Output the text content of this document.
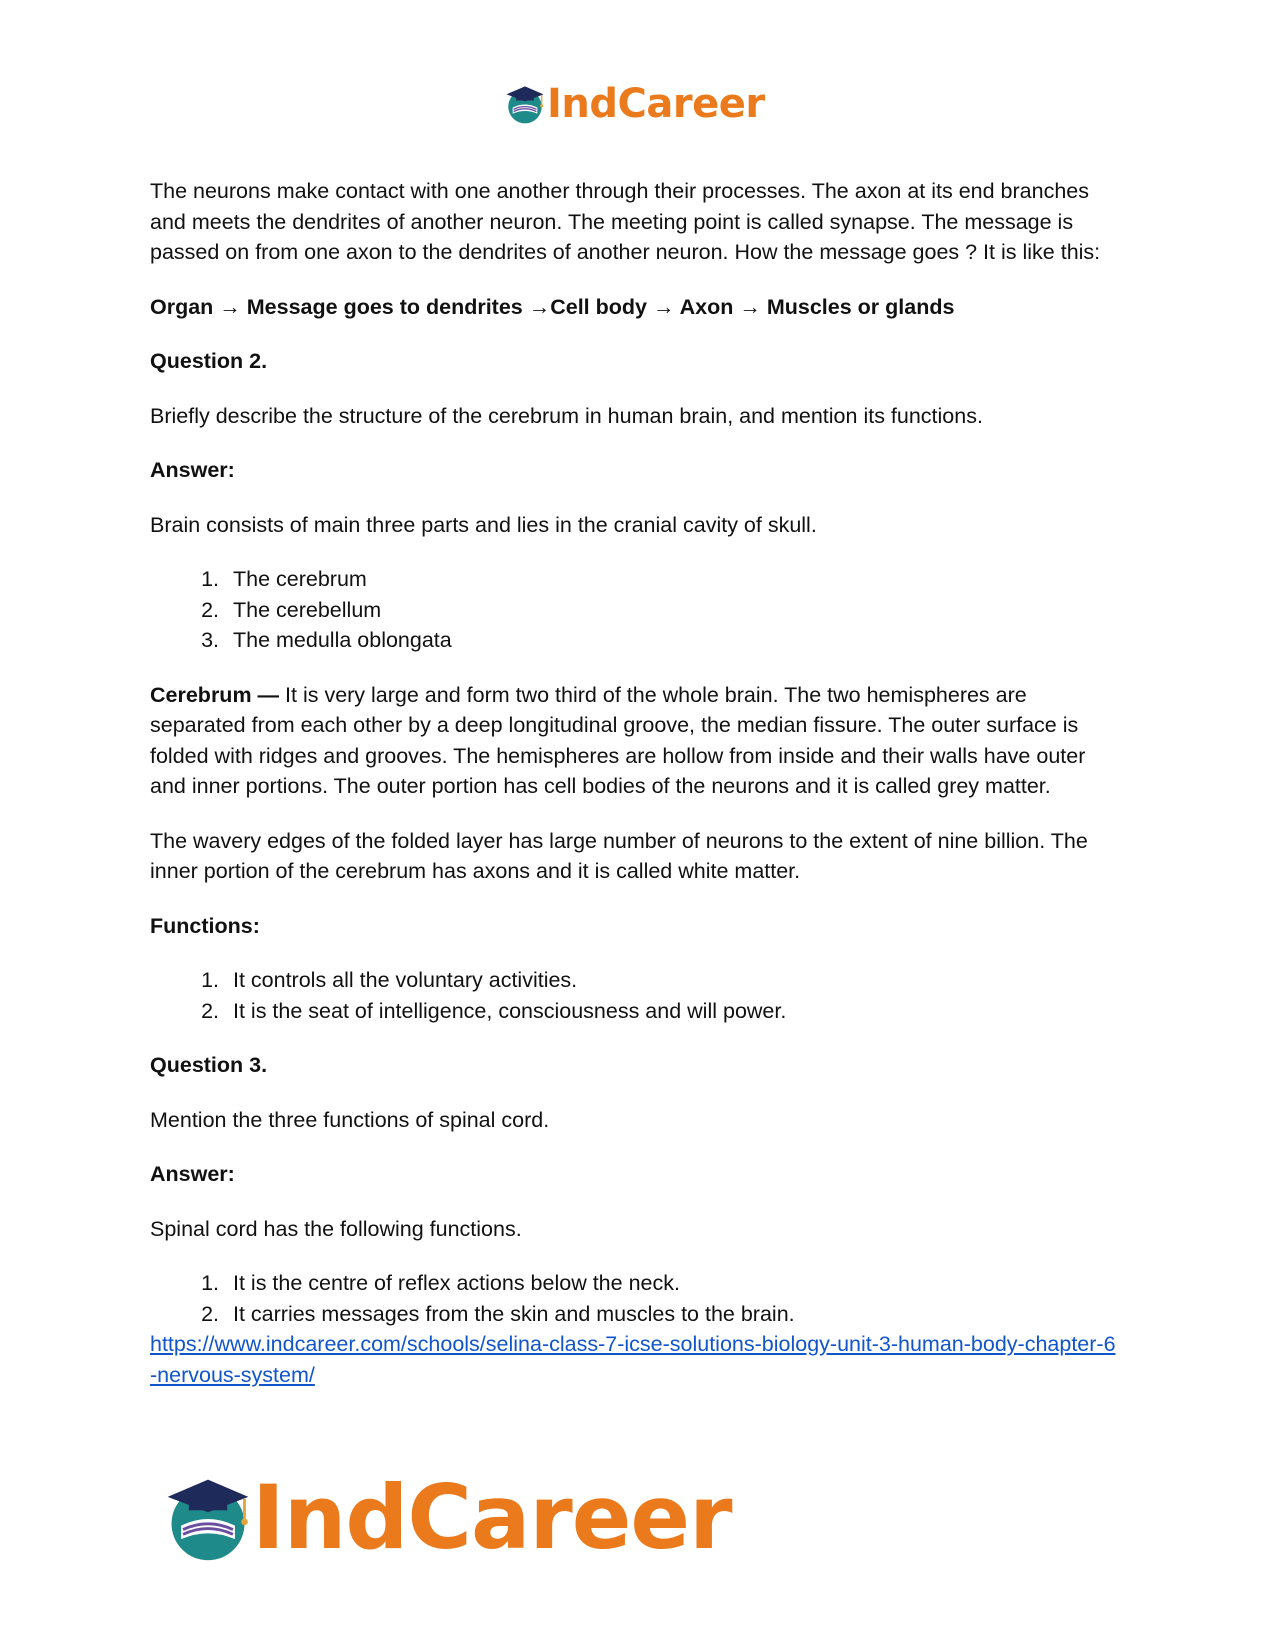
IndCareer

The neurons make contact with one another through their processes. The axon at its end branches and meets the dendrites of another neuron. The meeting point is called synapse. The message is passed on from one axon to the dendrites of another neuron. How the message goes ? It is like this:

Organ → Message goes to dendrites →Cell body → Axon → Muscles or glands

Question 2.

Briefly describe the structure of the cerebrum in human brain, and mention its functions.

Answer:

Brain consists of main three parts and lies in the cranial cavity of skull.

1. The cerebrum
2. The cerebellum
3. The medulla oblongata

Cerebrum — It is very large and form two third of the whole brain. The two hemispheres are separated from each other by a deep longitudinal groove, the median fissure. The outer surface is folded with ridges and grooves. The hemispheres are hollow from inside and their walls have outer and inner portions. The outer portion has cell bodies of the neurons and it is called grey matter.

The wavery edges of the folded layer has large number of neurons to the extent of nine billion. The inner portion of the cerebrum has axons and it is called white matter.

Functions:

1. It controls all the voluntary activities.
2. It is the seat of intelligence, consciousness and will power.

Question 3.

Mention the three functions of spinal cord.

Answer:

Spinal cord has the following functions.

1. It is the centre of reflex actions below the neck.
2. It carries messages from the skin and muscles to the brain.
https://www.indcareer.com/schools/selina-class-7-icse-solutions-biology-unit-3-human-body-chapter-6-nervous-system/
IndCareer
